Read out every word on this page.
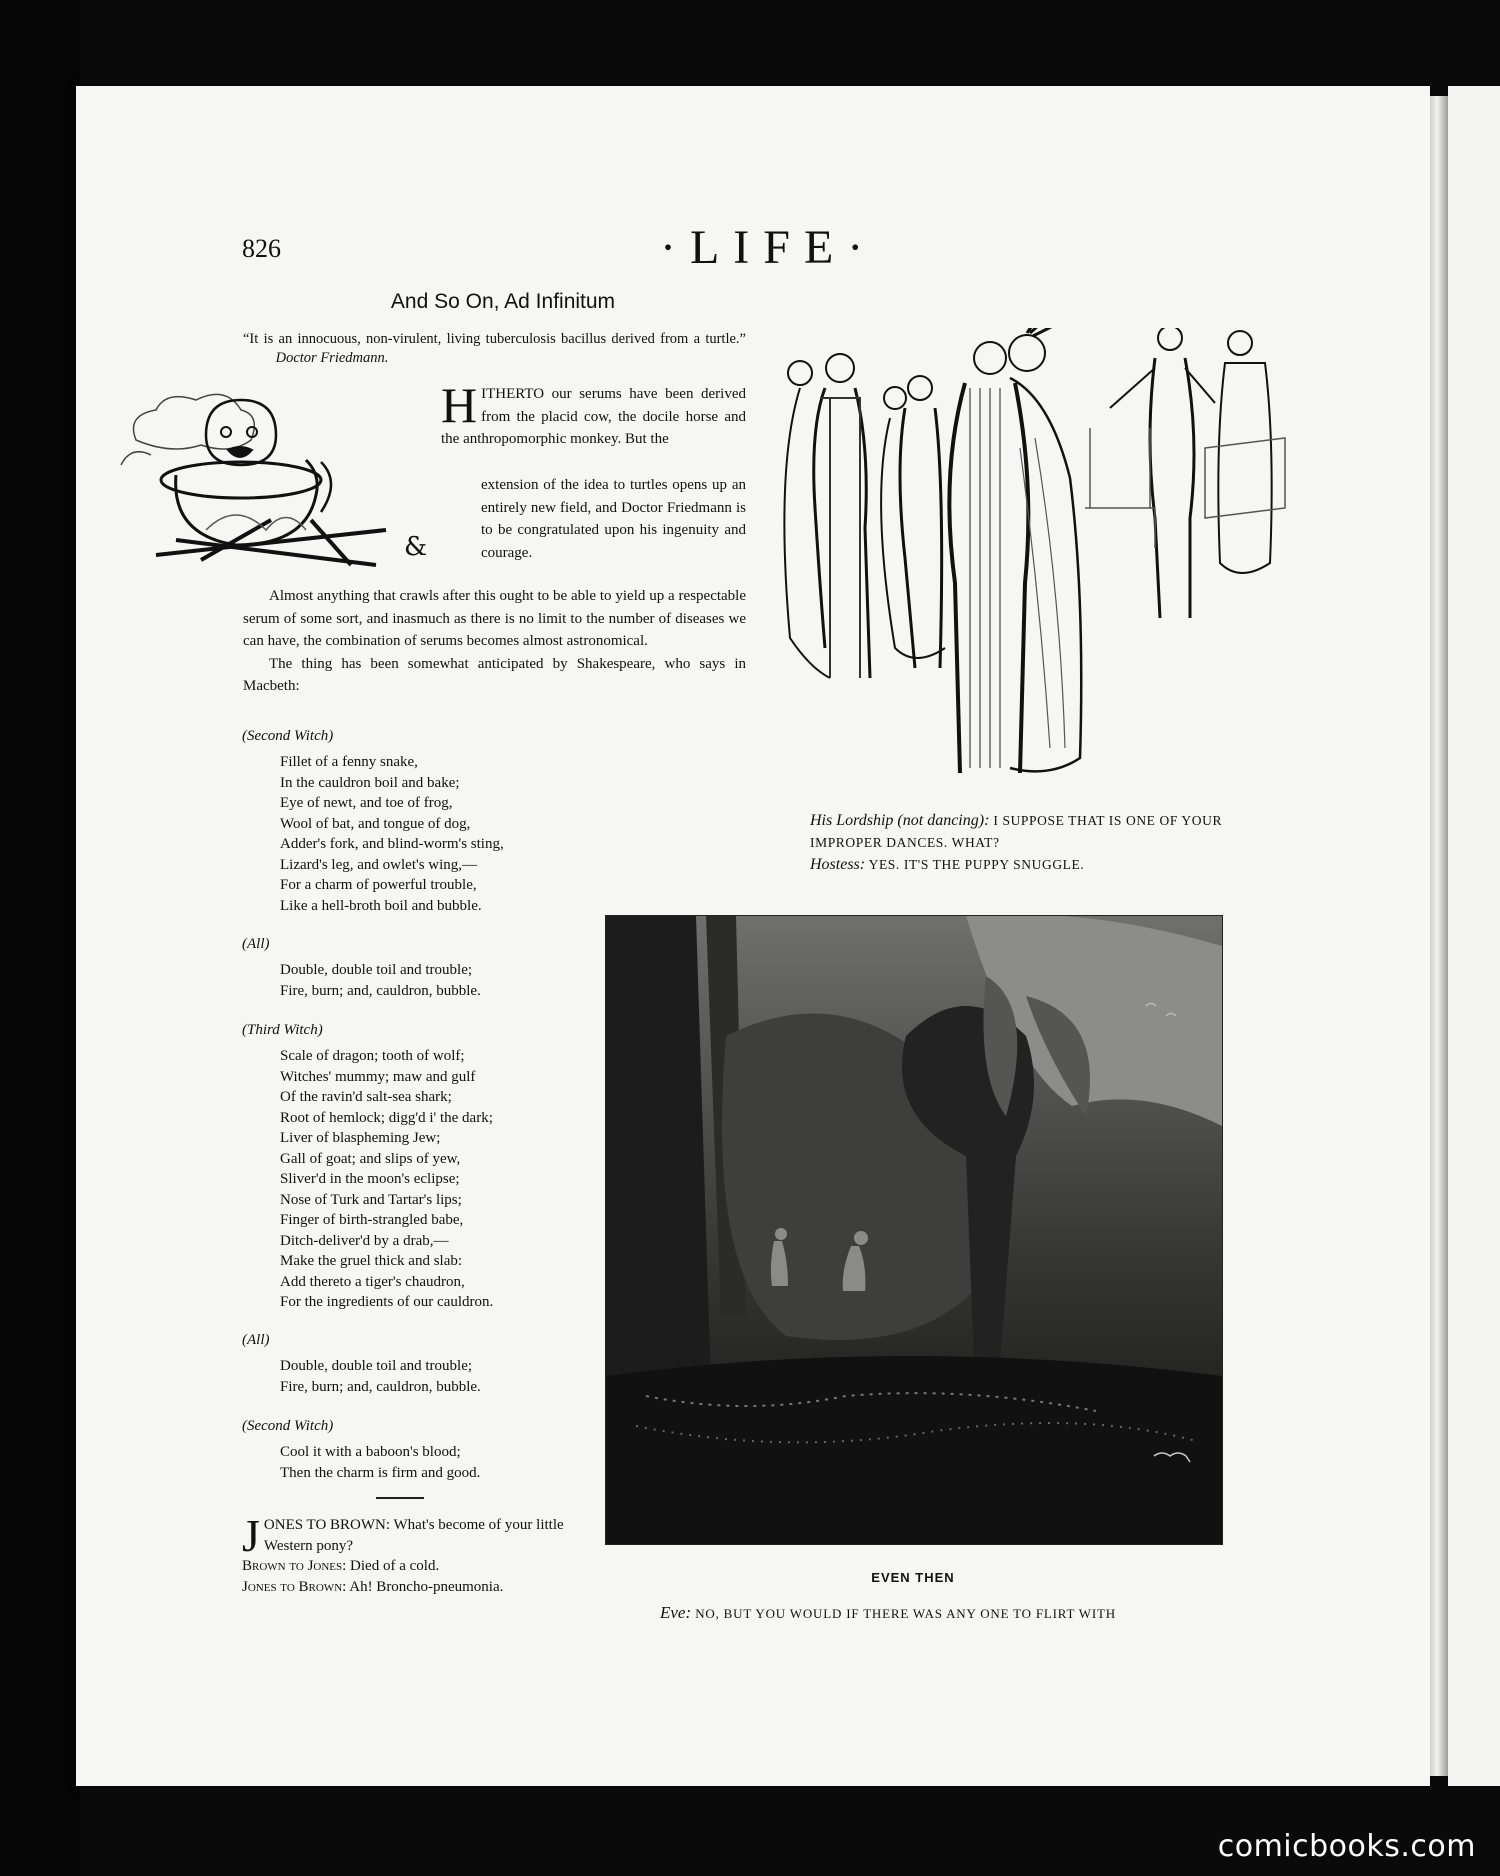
826	·LIFE·
And So On, Ad Infinitum
“It is an innocuous, non-virulent, living tuberculosis bacillus derived from a turtle.”          Doctor Friedmann.
&
H ITHERTO our serums have been derived from the placid cow, the docile horse and the anthropomorphic monkey. But the
extension of the idea to turtles opens up an entirely new field, and Doctor Friedmann is to be congratulated upon his ingenuity and courage.
Almost anything that crawls after this ought to be able to yield up a respectable serum of some sort, and inasmuch as there is no limit to the number of diseases we can have, the combination of serums becomes almost astronomical.
The thing has been somewhat anticipated by Shakespeare, who says in Macbeth:
(Second Witch)
Fillet of a fenny snake,
In the cauldron boil and bake;
Eye of newt, and toe of frog,
Wool of bat, and tongue of dog,
Adder's fork, and blind-worm's sting,
Lizard's leg, and owlet's wing,—
For a charm of powerful trouble,
Like a hell-broth boil and bubble.
(All)
Double, double toil and trouble;
Fire, burn; and, cauldron, bubble.
(Third Witch)
Scale of dragon; tooth of wolf;
Witches' mummy; maw and gulf
Of the ravin'd salt-sea shark;
Root of hemlock; digg'd i' the dark;
Liver of blaspheming Jew;
Gall of goat; and slips of yew,
Sliver'd in the moon's eclipse;
Nose of Turk and Tartar's lips;
Finger of birth-strangled babe,
Ditch-deliver'd by a drab,—
Make the gruel thick and slab:
Add thereto a tiger's chaudron,
For the ingredients of our cauldron.
(All)
Double, double toil and trouble;
Fire, burn; and, cauldron, bubble.
(Second Witch)
Cool it with a baboon's blood;
Then the charm is firm and good.
J ONES TO BROWN: What's become of your little Western pony?
Brown to Jones: Died of a cold.
Jones to Brown: Ah! Broncho-pneumonia.
His Lordship (not dancing): I SUPPOSE THAT IS ONE OF YOUR IMPROPER DANCES. WHAT?
Hostess: YES. IT'S THE PUPPY SNUGGLE.
EVEN THEN
Eve: NO, BUT YOU WOULD IF THERE WAS ANY ONE TO FLIRT WITH
comicbooks.com
